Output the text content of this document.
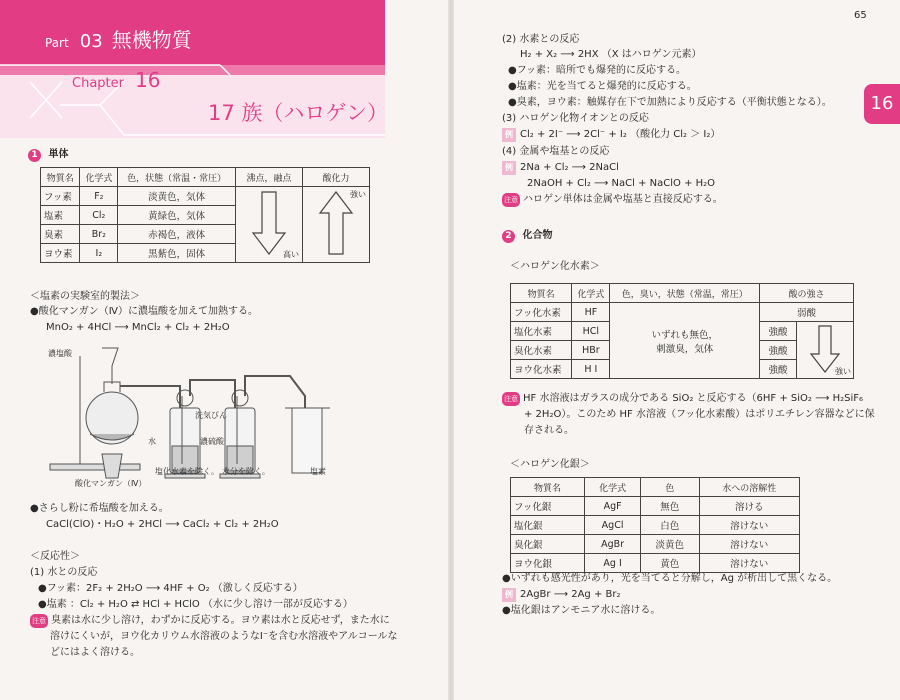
Part 03 無機物質
Chapter 16
17 族（ハロゲン）
1 単体
物質名	化学式	色，状態（常温・常圧）	沸点，融点	酸化力
フッ素	F₂	淡黄色，気体	高い	強い

塩素	Cl₂	黄緑色，気体		
臭素	Br₂	赤褐色，液体		
ヨウ素	I₂	黒紫色，固体		
＜塩素の実験室的製法＞
●酸化マンガン（Ⅳ）に濃塩酸を加えて加熱する。
MnO₂ + 4HCl ⟶ MnCl₂ + Cl₂ + 2H₂O
濃塩酸
水
洗気びん
濃硫酸
酸化マンガン（Ⅳ）
塩化水素を除く。 水分を除く。	塩素
●さらし粉に希塩酸を加える。
CaCl(ClO)・H₂O + 2HCl ⟶ CaCl₂ + Cl₂ + 2H₂O
＜反応性＞
(1) 水との反応
●フッ素：2F₂ + 2H₂O ⟶ 4HF + O₂ （激しく反応する）
●塩素 ：Cl₂ + H₂O ⇄ HCl + HClO （水に少し溶け一部が反応する）
注意 臭素は水に少し溶け，わずかに反応する。ヨウ素は水と反応せず，また水に
溶けにくいが，ヨウ化カリウム水溶液のようなI⁻を含む水溶液やアルコールな
どにはよく溶ける。
65
16
(2) 水素との反応
H₂ + X₂ ⟶ 2HX （X はハロゲン元素）
●フッ素：暗所でも爆発的に反応する。
●塩素：光を当てると爆発的に反応する。
●臭素，ヨウ素：触媒存在下で加熱により反応する（平衡状態となる）。
(3) ハロゲン化物イオンとの反応
例 Cl₂ + 2I⁻ ⟶ 2Cl⁻ + I₂ （酸化力 Cl₂ ＞ I₂）
(4) 金属や塩基との反応
例 2Na + Cl₂ ⟶ 2NaCl
2NaOH + Cl₂ ⟶ NaCl + NaClO + H₂O
注意 ハロゲン単体は金属や塩基と直接反応する。
2 化合物
＜ハロゲン化水素＞
物質名	化学式	色，臭い，状態（常温，常圧）	酸の強さ	
フッ化水素	HF	いずれも無色，
刺激臭，気体	弱酸	
塩化水素	HCl		強酸	強い

臭化水素	HBr		強酸	
ヨウ化水素	H I		強酸	
注意 HF 水溶液はガラスの成分である SiO₂ と反応する（6HF + SiO₂ ⟶ H₂SiF₆
+ 2H₂O）。このため HF 水溶液（フッ化水素酸）はポリエチレン容器などに保
存される。
＜ハロゲン化銀＞
物質名	化学式	色	水への溶解性
フッ化銀	AgF	無色	溶ける
塩化銀	AgCl	白色	溶けない
臭化銀	AgBr	淡黄色	溶けない
ヨウ化銀	Ag I	黄色	溶けない
●いずれも感光性があり，光を当てると分解し，Ag が析出して黒くなる。
例 2AgBr ⟶ 2Ag + Br₂
●塩化銀はアンモニア水に溶ける。
